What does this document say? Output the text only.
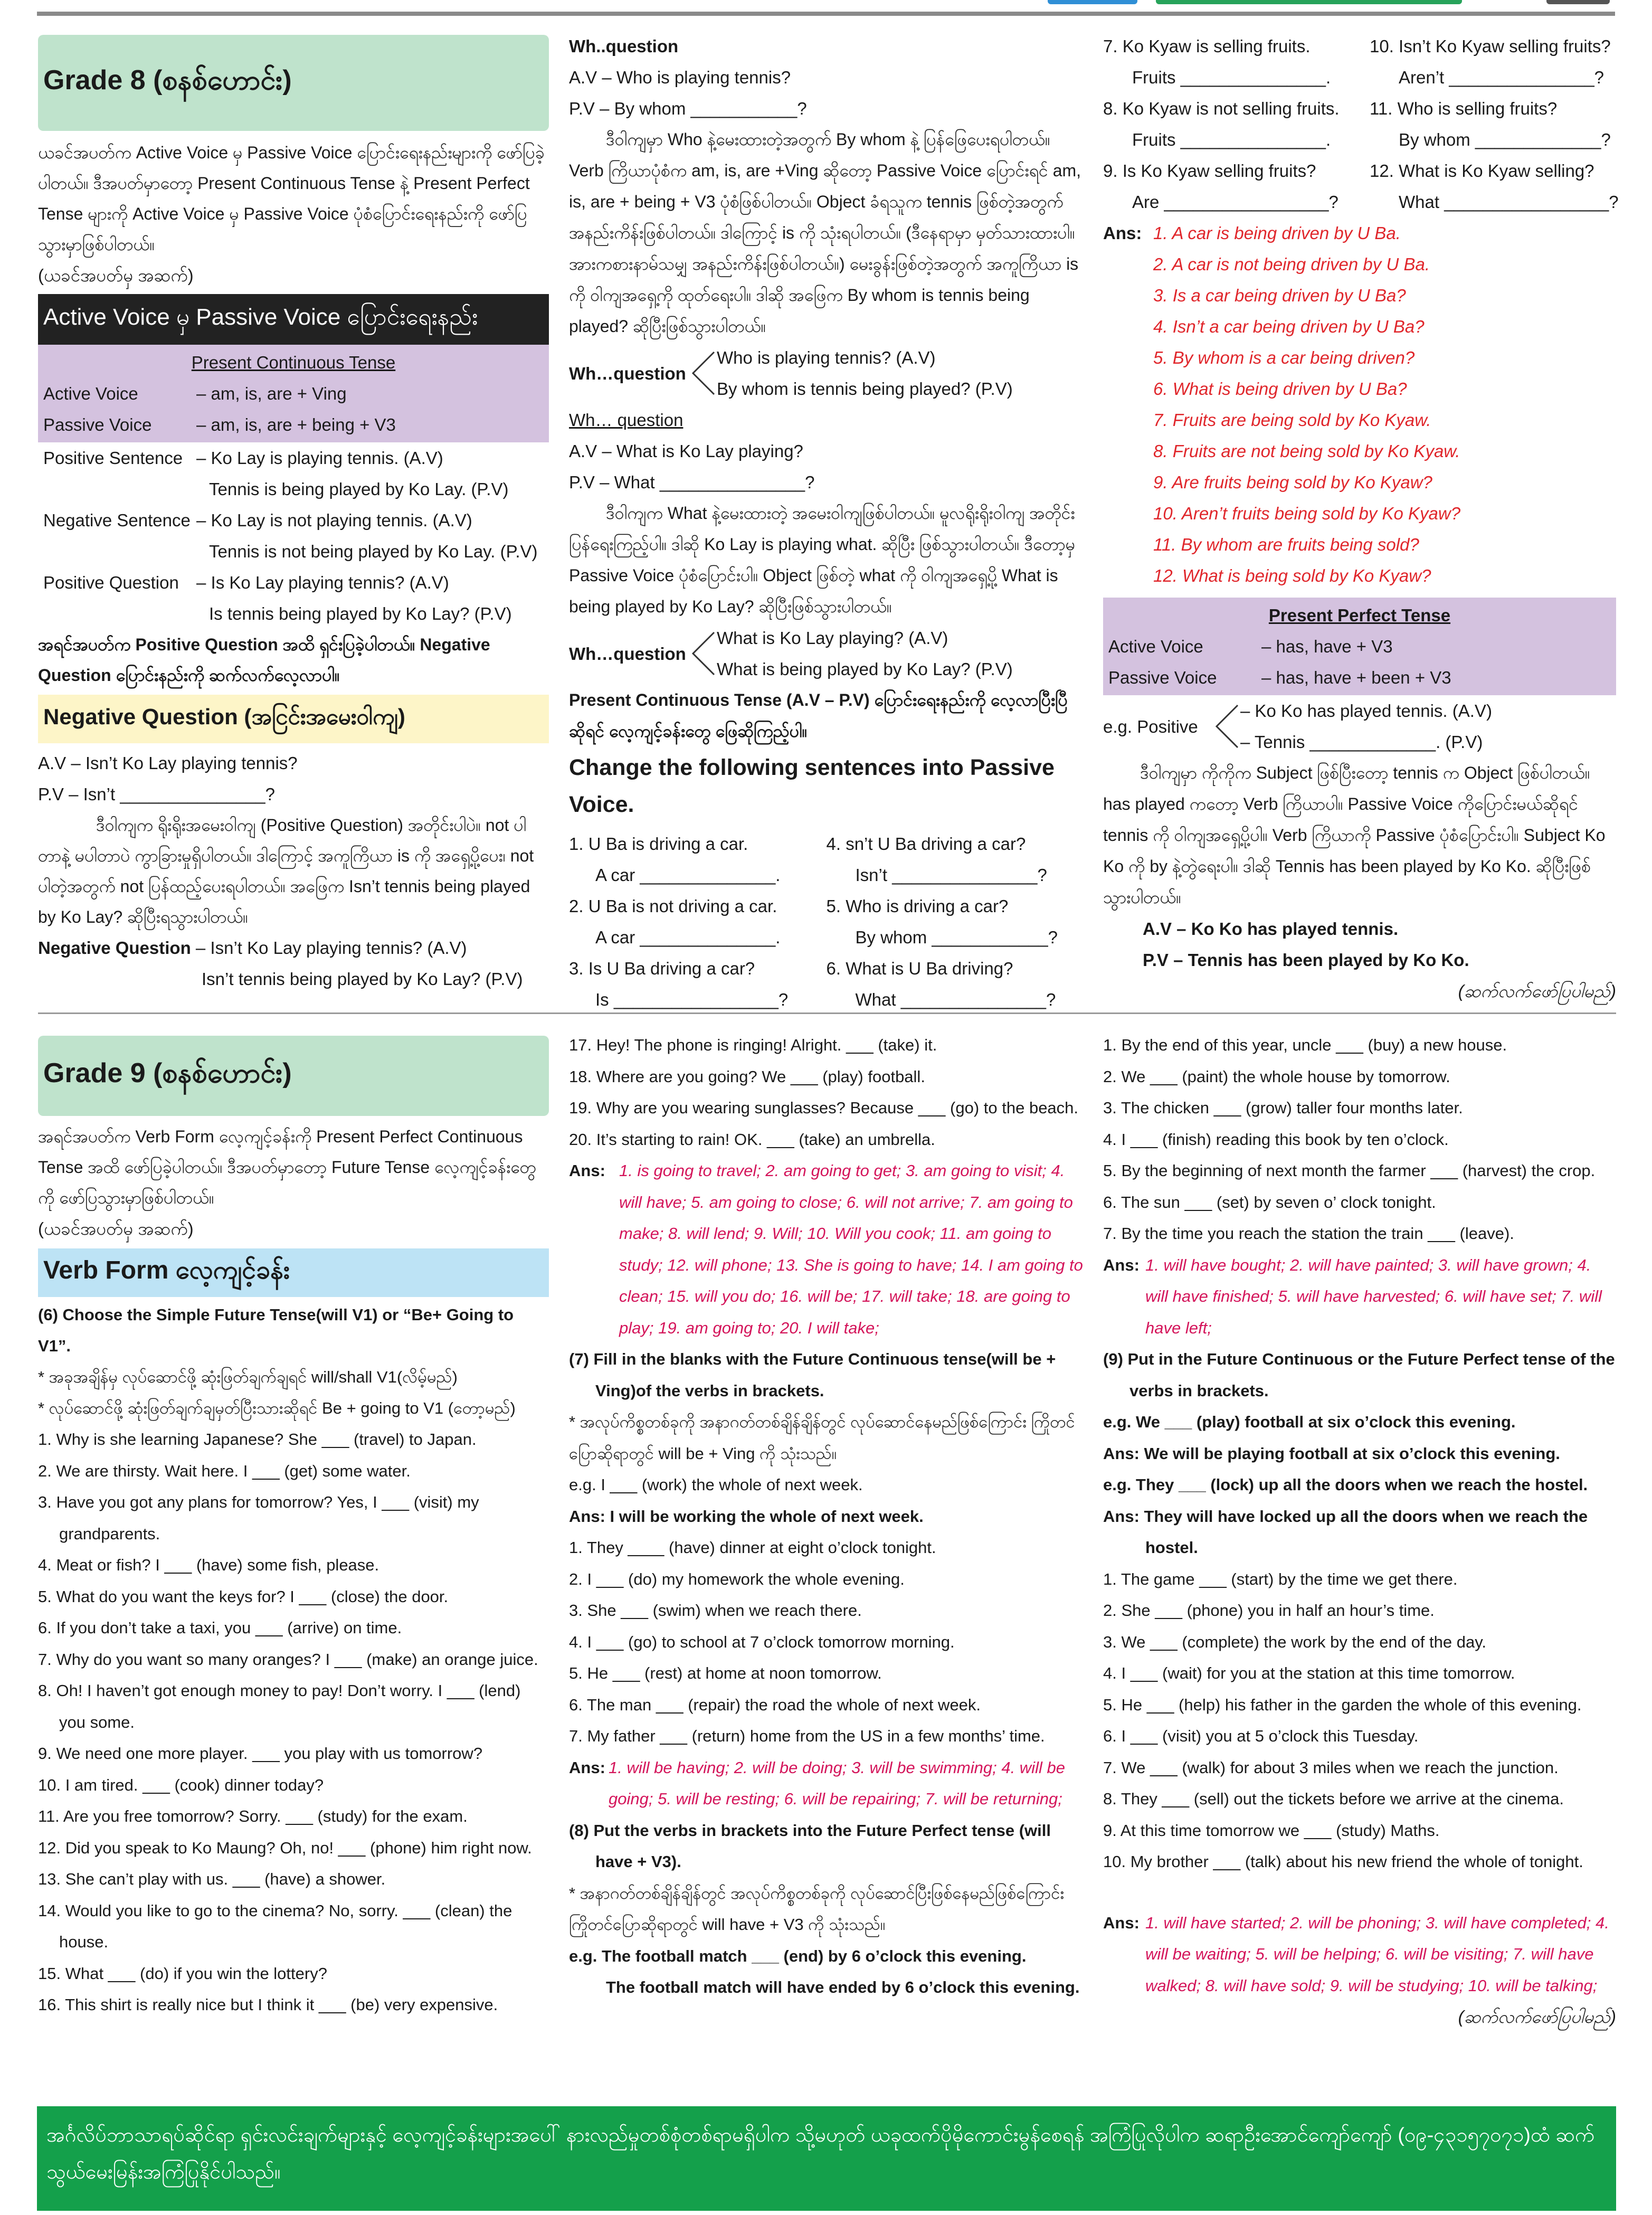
Grade 8 (စနစ်ဟောင်း)
ယခင်အပတ်က Active Voice မှ Passive Voice ပြောင်းရေးနည်းများကို ဖော်ပြခဲ့ပါတယ်။ ဒီအပတ်မှာတော့ Present Continuous Tense နဲ့ Present Perfect Tense များကို Active Voice မှ Passive Voice ပုံစံပြောင်းရေးနည်းကို ဖော်ပြသွားမှာဖြစ်ပါတယ်။
(ယခင်အပတ်မှ အဆက်)
Active Voice မှ Passive Voice ပြောင်းရေးနည်း
Present Continuous Tense
Active Voice	– am, is, are + Ving
Passive Voice	– am, is, are + being + V3
Positive Sentence – Ko Lay is playing tennis. (A.V)
Tennis is being played by Ko Lay. (P.V)
Negative Sentence – Ko Lay is not playing tennis. (A.V)
Tennis is not being played by Ko Lay. (P.V)
Positive Question – Is Ko Lay playing tennis? (A.V)
Is tennis being played by Ko Lay? (P.V)
အရင်အပတ်က Positive Question အထိ ရှင်းပြခဲ့ပါတယ်။ Negative Question ပြောင်းနည်းကို ဆက်လက်လေ့လာပါ။
Negative Question (အငြင်းအမေးဝါကျ)
A.V – Isn’t Ko Lay playing tennis?
P.V – Isn’t _______________?
ဒီဝါကျက ရိုးရိုးအမေးဝါကျ (Positive Question) အတိုင်းပါပဲ။ not ပါတာနဲ့ မပါတာပဲ ကွာခြားမှုရှိပါတယ်။ ဒါကြောင့် အကူကြိယာ is ကို အရှေ့ပို့ပေး၊ not ပါတဲ့အတွက် not ပြန်ထည့်ပေးရပါတယ်။ အဖြေက Isn’t tennis being played by Ko Lay? ဆိုပြီးရသွားပါတယ်။
Negative Question – Isn’t Ko Lay playing tennis? (A.V)
Isn’t tennis being played by Ko Lay? (P.V)
Wh..question
A.V – Who is playing tennis?
P.V – By whom ___________?
ဒီဝါကျမှာ Who နဲ့မေးထားတဲ့အတွက် By whom နဲ့ ပြန်ဖြေပေးရပါတယ်။ Verb ကြိယာပုံစံက am, is, are +Ving ဆိုတော့ Passive Voice ပြောင်းရင် am, is, are + being + V3 ပုံစံဖြစ်ပါတယ်။ Object ခံရသူက tennis ဖြစ်တဲ့အတွက် အနည်းကိန်းဖြစ်ပါတယ်။ ဒါကြောင့် is ကို သုံးရပါတယ်။ (ဒီနေရာမှာ မှတ်သားထားပါ။ အားကစားနာမ်သမျှ အနည်းကိန်းဖြစ်ပါတယ်။) မေးခွန်းဖြစ်တဲ့အတွက် အကူကြိယာ is ကို ဝါကျအရှေ့ကို ထုတ်ရေးပါ။ ဒါဆို အဖြေက By whom is tennis being played? ဆိုပြီးဖြစ်သွားပါတယ်။
Wh…question
Who is playing tennis? (A.V)
By whom is tennis being played? (P.V)
Wh… question
A.V – What is Ko Lay playing?
P.V – What _______________?
ဒီဝါကျက What နဲ့မေးထားတဲ့ အမေးဝါကျဖြစ်ပါတယ်။ မူလရိုးရိုးဝါကျ အတိုင်း ပြန်ရေးကြည့်ပါ။ ဒါဆို Ko Lay is playing what. ဆိုပြီး ဖြစ်သွားပါတယ်။ ဒီတော့မှ Passive Voice ပုံစံပြောင်းပါ။ Object ဖြစ်တဲ့ what ကို ဝါကျအရှေ့ပို့ What is being played by Ko Lay? ဆိုပြီးဖြစ်သွားပါတယ်။
Wh…question
What is Ko Lay playing? (A.V)
What is being played by Ko Lay? (P.V)
Present Continuous Tense (A.V – P.V) ပြောင်းရေးနည်းကို လေ့လာပြီးပြီဆိုရင် လေ့ကျင့်ခန်းတွေ ဖြေဆိုကြည့်ပါ။
Change the following sentences into Passive Voice.
1. U Ba is driving a car.
A car ______________.
4. sn’t U Ba driving a car?
Isn’t _______________?
2. U Ba is not driving a car.
A car ______________.
5. Who is driving a car?
By whom ____________?
3. Is U Ba driving a car?
Is _________________?
6. What is U Ba driving?
What _______________?
7. Ko Kyaw is selling fruits.
Fruits _______________.
10. Isn’t Ko Kyaw selling fruits?
Aren’t _______________?
8. Ko Kyaw is not selling fruits.
Fruits _______________.
11. Who is selling fruits?
By whom _____________?
9. Is Ko Kyaw selling fruits?
Are _________________?
12. What is Ko Kyaw selling?
What _________________?
Ans: 1. A car is being driven by U Ba.
2. A car is not being driven by U Ba.
3. Is a car being driven by U Ba?
4. Isn’t a car being driven by U Ba?
5. By whom is a car being driven?
6. What is being driven by U Ba?
7. Fruits are being sold by Ko Kyaw.
8. Fruits are not being sold by Ko Kyaw.
9. Are fruits being sold by Ko Kyaw?
10. Aren’t fruits being sold by Ko Kyaw?
11. By whom are fruits being sold?
12. What is being sold by Ko Kyaw?
Present Perfect Tense
Active Voice	– has, have + V3
Passive Voice	– has, have + been + V3
e.g. Positive
– Ko Ko has played tennis. (A.V)
– Tennis _____________. (P.V)
ဒီဝါကျမှာ ကိုကိုက Subject ဖြစ်ပြီးတော့ tennis က Object ဖြစ်ပါတယ်။ has played ကတော့ Verb ကြိယာပါ။ Passive Voice ကိုပြောင်းမယ်ဆိုရင် tennis ကို ဝါကျအရှေ့ပို့ပါ။ Verb ကြိယာကို Passive ပုံစံပြောင်းပါ။ Subject Ko Ko ကို by နဲ့တွဲရေးပါ။ ဒါဆို Tennis has been played by Ko Ko. ဆိုပြီးဖြစ်သွားပါတယ်။
A.V – Ko Ko has played tennis.
P.V – Tennis has been played by Ko Ko.
(ဆက်လက်ဖော်ပြပါမည်)
Grade 9 (စနစ်ဟောင်း)
အရင်အပတ်က Verb Form လေ့ကျင့်ခန်းကို Present Perfect Continuous Tense အထိ ဖော်ပြခဲ့ပါတယ်။ ဒီအပတ်မှာတော့ Future Tense လေ့ကျင့်ခန်းတွေကို ဖော်ပြသွားမှာဖြစ်ပါတယ်။
(ယခင်အပတ်မှ အဆက်)
Verb Form လေ့ကျင့်ခန်း
(6) Choose the Simple Future Tense(will V1) or “Be+ Going to V1”.
* အခုအချိန်မှ လုပ်ဆောင်ဖို့ ဆုံးဖြတ်ချက်ချရင် will/shall V1(လိမ့်မည်)
* လုပ်ဆောင်ဖို့ ဆုံးဖြတ်ချက်ချမှတ်ပြီးသားဆိုရင် Be + going to V1 (တော့မည်)
1. Why is she learning Japanese? She ___ (travel) to Japan.
2. We are thirsty. Wait here. I ___ (get) some water.
3. Have you got any plans for tomorrow? Yes, I ___ (visit) my grandparents.
4. Meat or fish? I ___ (have) some fish, please.
5. What do you want the keys for? I ___ (close) the door.
6. If you don’t take a taxi, you ___ (arrive) on time.
7. Why do you want so many oranges? I ___ (make) an orange juice.
8. Oh! I haven’t got enough money to pay! Don’t worry. I ___ (lend) you some.
9. We need one more player. ___ you play with us tomorrow?
10. I am tired. ___ (cook) dinner today?
11. Are you free tomorrow? Sorry. ___ (study) for the exam.
12. Did you speak to Ko Maung? Oh, no! ___ (phone) him right now.
13. She can’t play with us. ___ (have) a shower.
14. Would you like to go to the cinema? No, sorry. ___ (clean) the house.
15. What ___ (do) if you win the lottery?
16. This shirt is really nice but I think it ___ (be) very expensive.
17. Hey! The phone is ringing! Alright. ___ (take) it.
18. Where are you going? We ___ (play) football.
19. Why are you wearing sunglasses? Because ___ (go) to the beach.
20. It’s starting to rain! OK. ___ (take) an umbrella.
Ans: 1. is going to travel; 2. am going to get; 3. am going to visit; 4. will have; 5. am going to close; 6. will not arrive; 7. am going to make; 8. will lend; 9. Will; 10. Will you cook; 11. am going to study; 12. will phone; 13. She is going to have; 14. I am going to clean; 15. will you do; 16. will be; 17. will take; 18. are going to play; 19. am going to; 20. I will take;
(7) Fill in the blanks with the Future Continuous tense(will be + Ving)of the verbs in brackets.
* အလုပ်ကိစ္စတစ်ခုကို အနာဂတ်တစ်ချိန်ချိန်တွင် လုပ်ဆောင်နေမည်ဖြစ်ကြောင်း ကြိုတင်ပြောဆိုရာတွင် will be + Ving ကို သုံးသည်။
e.g. I ___ (work) the whole of next week.
Ans: I will be working the whole of next week.
1. They ____ (have) dinner at eight o’clock tonight.
2. I ___ (do) my homework the whole evening.
3. She ___ (swim) when we reach there.
4. I ___ (go) to school at 7 o’clock tomorrow morning.
5. He ___ (rest) at home at noon tomorrow.
6. The man ___ (repair) the road the whole of next week.
7. My father ___ (return) home from the US in a few months’ time.
Ans: 1. will be having; 2. will be doing; 3. will be swimming; 4. will be going; 5. will be resting; 6. will be repairing; 7. will be returning;
(8) Put the verbs in brackets into the Future Perfect tense (will have + V3).
* အနာဂတ်တစ်ချိန်ချိန်တွင် အလုပ်ကိစ္စတစ်ခုကို လုပ်ဆောင်ပြီးဖြစ်နေမည်ဖြစ်ကြောင်း ကြိုတင်ပြောဆိုရာတွင် will have + V3 ကို သုံးသည်။
e.g. The football match ___ (end) by 6 o’clock this evening.
The football match will have ended by 6 o’clock this evening.
1. By the end of this year, uncle ___ (buy) a new house.
2. We ___ (paint) the whole house by tomorrow.
3. The chicken ___ (grow) taller four months later.
4. I ___ (finish) reading this book by ten o’clock.
5. By the beginning of next month the farmer ___ (harvest) the crop.
6. The sun ___ (set) by seven o’ clock tonight.
7. By the time you reach the station the train ___ (leave).
Ans: 1. will have bought; 2. will have painted; 3. will have grown; 4. will have finished; 5. will have harvested; 6. will have set; 7. will have left;
(9) Put in the Future Continuous or the Future Perfect tense of the verbs in brackets.
e.g. We ___ (play) football at six o’clock this evening.
Ans: We will be playing football at six o’clock this evening.
e.g. They ___ (lock) up all the doors when we reach the hostel.
Ans: They will have locked up all the doors when we reach the hostel.
1. The game ___ (start) by the time we get there.
2. She ___ (phone) you in half an hour’s time.
3. We ___ (complete) the work by the end of the day.
4. I ___ (wait) for you at the station at this time tomorrow.
5. He ___ (help) his father in the garden the whole of this evening.
6. I ___ (visit) you at 5 o’clock this Tuesday.
7. We ___ (walk) for about 3 miles when we reach the junction.
8. They ___ (sell) out the tickets before we arrive at the cinema.
9. At this time tomorrow we ___ (study) Maths.
10. My brother ___ (talk) about his new friend the whole of tonight.
Ans: 1. will have started; 2. will be phoning; 3. will have completed; 4. will be waiting; 5. will be helping; 6. will be visiting; 7. will have walked; 8. will have sold; 9. will be studying; 10. will be talking;
(ဆက်လက်ဖော်ပြပါမည်)
အင်္ဂလိပ်ဘာသာရပ်ဆိုင်ရာ ရှင်းလင်းချက်များနှင့် လေ့ကျင့်ခန်းများအပေါ် နားလည်မှုတစ်စုံတစ်ရာမရှိပါက သို့မဟုတ် ယခုထက်ပိုမိုကောင်းမွန်စေရန် အကြံပြုလိုပါက ဆရာဦးအောင်ကျော်ကျော် (၀၉-၄၃၁၅၇၀၇၁)ထံ ဆက်သွယ်မေးမြန်းအကြံပြုနိုင်ပါသည်။
